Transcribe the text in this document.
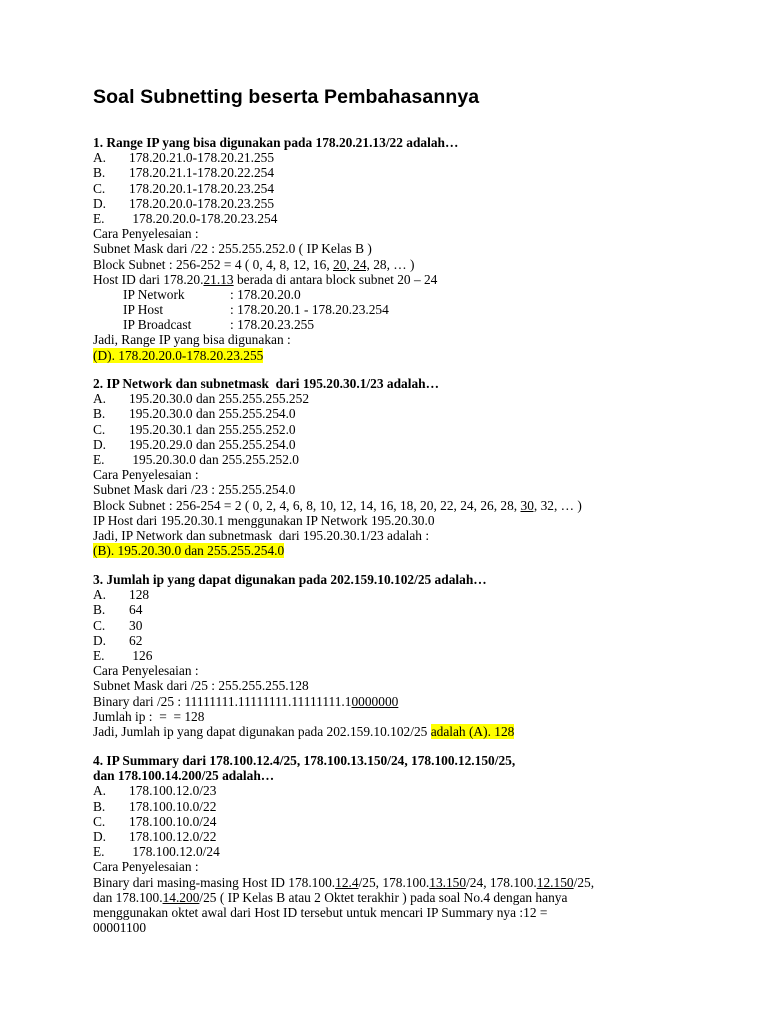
Soal Subnetting beserta Pembahasannya
1. Range IP yang bisa digunakan pada 178.20.21.13/22 adalah…
A.	178.20.21.0-178.20.21.255
B.	178.20.21.1-178.20.22.254
C.	178.20.20.1-178.20.23.254
D.	178.20.20.0-178.20.23.255
E.	178.20.20.0-178.20.23.254
Cara Penyelesaian :
Subnet Mask dari /22 : 255.255.252.0 ( IP Kelas B )
Block Subnet : 256-252 = 4 ( 0, 4, 8, 12, 16, 20, 24, 28, … )
Host ID dari 178.20.21.13 berada di antara block subnet 20 – 24
IP Network	: 178.20.20.0
IP Host	: 178.20.20.1 - 178.20.23.254
IP Broadcast	: 178.20.23.255
Jadi, Range IP yang bisa digunakan :
(D). 178.20.20.0-178.20.23.255
2. IP Network dan subnetmask  dari 195.20.30.1/23 adalah…
A.	195.20.30.0 dan 255.255.255.252
B.	195.20.30.0 dan 255.255.254.0
C.	195.20.30.1 dan 255.255.252.0
D.	195.20.29.0 dan 255.255.254.0
E.	195.20.30.0 dan 255.255.252.0
Cara Penyelesaian :
Subnet Mask dari /23 : 255.255.254.0
Block Subnet : 256-254 = 2 ( 0, 2, 4, 6, 8, 10, 12, 14, 16, 18, 20, 22, 24, 26, 28, 30, 32, … )
IP Host dari 195.20.30.1 menggunakan IP Network 195.20.30.0
Jadi, IP Network dan subnetmask  dari 195.20.30.1/23 adalah :
(B). 195.20.30.0 dan 255.255.254.0
3. Jumlah ip yang dapat digunakan pada 202.159.10.102/25 adalah…
A.	128
B.	64
C.	30
D.	62
E.	126
Cara Penyelesaian :
Subnet Mask dari /25 : 255.255.255.128
Binary dari /25 : 11111111.11111111.11111111.10000000
Jumlah ip :  =  = 128
Jadi, Jumlah ip yang dapat digunakan pada 202.159.10.102/25 adalah (A). 128
4. IP Summary dari 178.100.12.4/25, 178.100.13.150/24, 178.100.12.150/25,
dan 178.100.14.200/25 adalah…
A.	178.100.12.0/23
B.	178.100.10.0/22
C.	178.100.10.0/24
D.	178.100.12.0/22
E.	178.100.12.0/24
Cara Penyelesaian :
Binary dari masing-masing Host ID 178.100.12.4/25, 178.100.13.150/24, 178.100.12.150/25,
dan 178.100.14.200/25 ( IP Kelas B atau 2 Oktet terakhir ) pada soal No.4 dengan hanya
menggunakan oktet awal dari Host ID tersebut untuk mencari IP Summary nya :12 =
00001100
